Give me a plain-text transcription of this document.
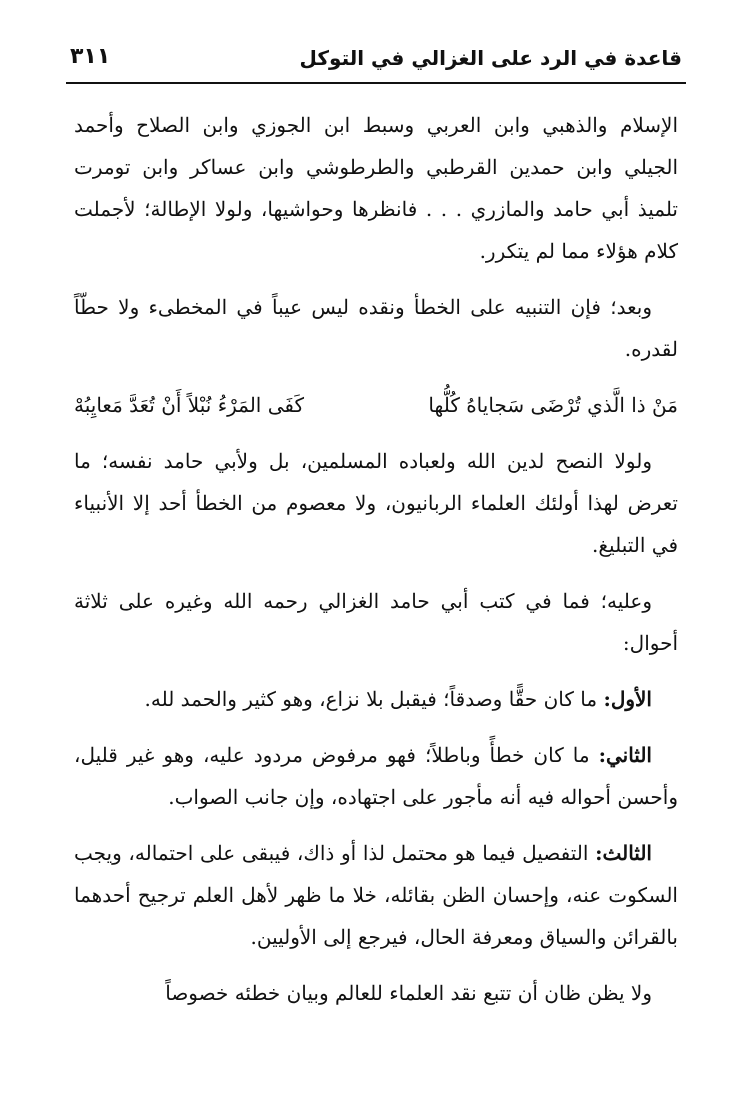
قاعدة في الرد على الغزالي في التوكل
٣١١

الإسلام والذهبي وابن العربي وسبط ابن الجوزي وابن الصلاح وأحمد الجيلي وابن حمدين القرطبي والطرطوشي وابن عساكر وابن تومرت تلميذ أبي حامد والمازري . . . فانظرها وحواشيها، ولولا الإطالة؛ لأجملت كلام هؤلاء مما لم يتكرر.

وبعد؛ فإن التنبيه على الخطأ ونقده ليس عيباً في المخطىء ولا حطّاً لقدره.

مَنْ ذا الَّذي تُرْضَى سَجاياهُ كُلُّها
كَفَى المَرْءُ نُبْلاً أَنْ تُعَدَّ مَعايِبُهْ

ولولا النصح لدين الله ولعباده المسلمين، بل ولأبي حامد نفسه؛ ما تعرض لهذا أولئك العلماء الربانيون، ولا معصوم من الخطأ أحد إلا الأنبياء في التبليغ.

وعليه؛ فما في كتب أبي حامد الغزالي رحمه الله وغيره على ثلاثة أحوال:

الأول: ما كان حقًّا وصدقاً؛ فيقبل بلا نزاع، وهو كثير والحمد لله.

الثاني: ما كان خطأً وباطلاً؛ فهو مرفوض مردود عليه، وهو غير قليل، وأحسن أحواله فيه أنه مأجور على اجتهاده، وإن جانب الصواب.

الثالث: التفصيل فيما هو محتمل لذا أو ذاك، فيبقى على احتماله، ويجب السكوت عنه، وإحسان الظن بقائله، خلا ما ظهر لأهل العلم ترجيح أحدهما بالقرائن والسياق ومعرفة الحال، فيرجع إلى الأوليين.

ولا يظن ظان أن تتبع نقد العلماء للعالم وبيان خطئه خصوصاً
